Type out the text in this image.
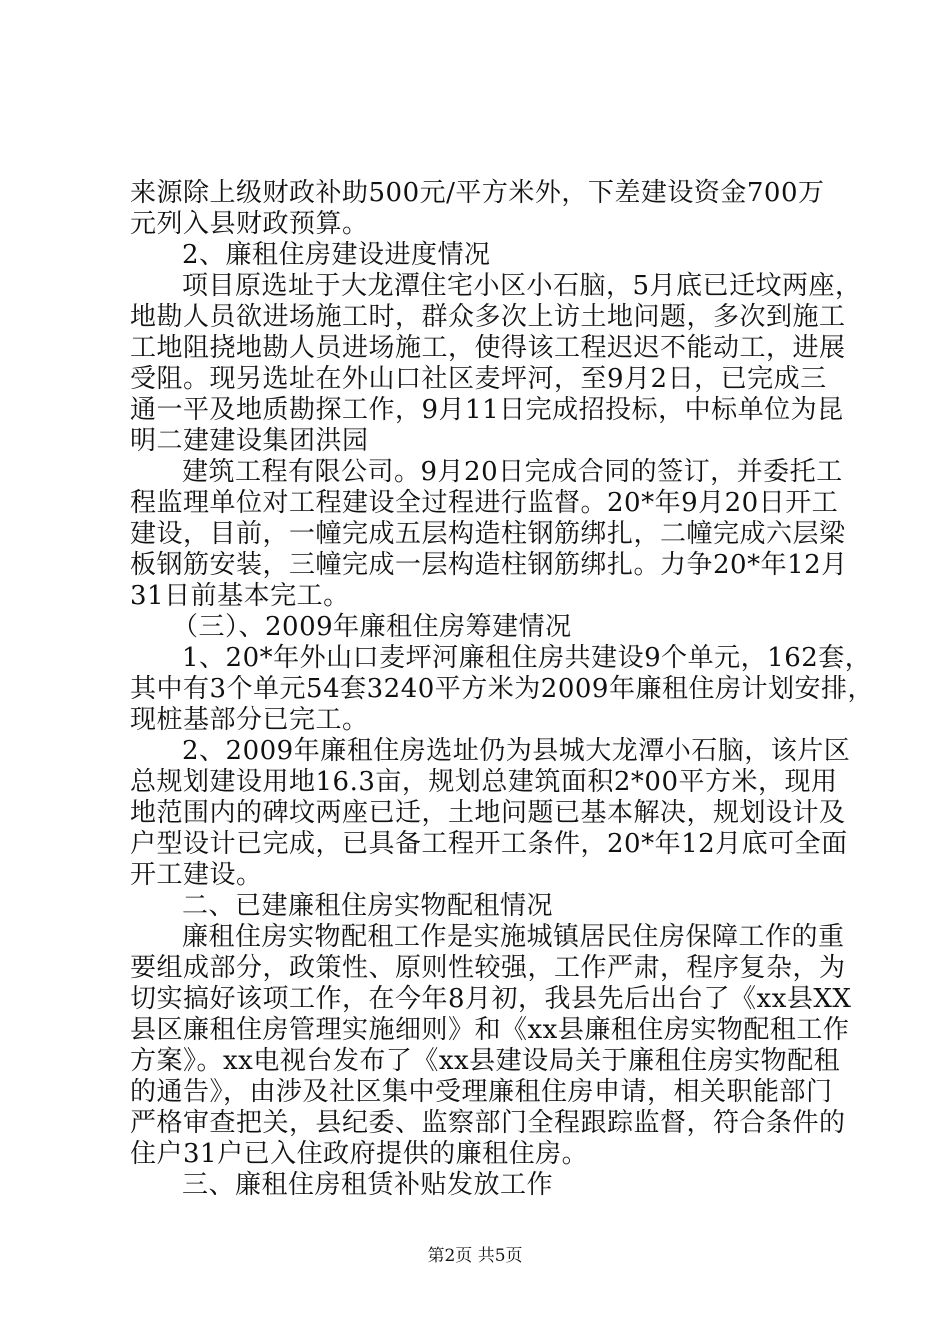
来源除上级财政补助500元/平方米外，下差建设资金700万
元列入县财政预算。
2、廉租住房建设进度情况
项目原选址于大龙潭住宅小区小石脑，5月底已迁坟两座，
地勘人员欲进场施工时，群众多次上访土地问题，多次到施工
工地阻挠地勘人员进场施工，使得该工程迟迟不能动工，进展
受阻。现另选址在外山口社区麦坪河，至9月2日，已完成三
通一平及地质勘探工作，9月11日完成招投标，中标单位为昆
明二建建设集团洪园
建筑工程有限公司。9月20日完成合同的签订，并委托工
程监理单位对工程建设全过程进行监督。20*年9月20日开工
建设，目前，一幢完成五层构造柱钢筋绑扎，二幢完成六层梁
板钢筋安装，三幢完成一层构造柱钢筋绑扎。力争20*年12月
31日前基本完工。
（三）、2009年廉租住房筹建情况
1、20*年外山口麦坪河廉租住房共建设9个单元，162套，
其中有3个单元54套3240平方米为2009年廉租住房计划安排，
现桩基部分已完工。
2、2009年廉租住房选址仍为县城大龙潭小石脑，该片区
总规划建设用地16.3亩，规划总建筑面积2*00平方米，现用
地范围内的碑坟两座已迁，土地问题已基本解决，规划设计及
户型设计已完成，已具备工程开工条件，20*年12月底可全面
开工建设。
二、已建廉租住房实物配租情况
廉租住房实物配租工作是实施城镇居民住房保障工作的重
要组成部分，政策性、原则性较强，工作严肃，程序复杂，为
切实搞好该项工作，在今年8月初，我县先后出台了《xx县XX
县区廉租住房管理实施细则》和《xx县廉租住房实物配租工作
方案》。xx电视台发布了《xx县建设局关于廉租住房实物配租
的通告》，由涉及社区集中受理廉租住房申请，相关职能部门
严格审查把关，县纪委、监察部门全程跟踪监督，符合条件的
住户31户已入住政府提供的廉租住房。
三、廉租住房租赁补贴发放工作
第2页 共5页
